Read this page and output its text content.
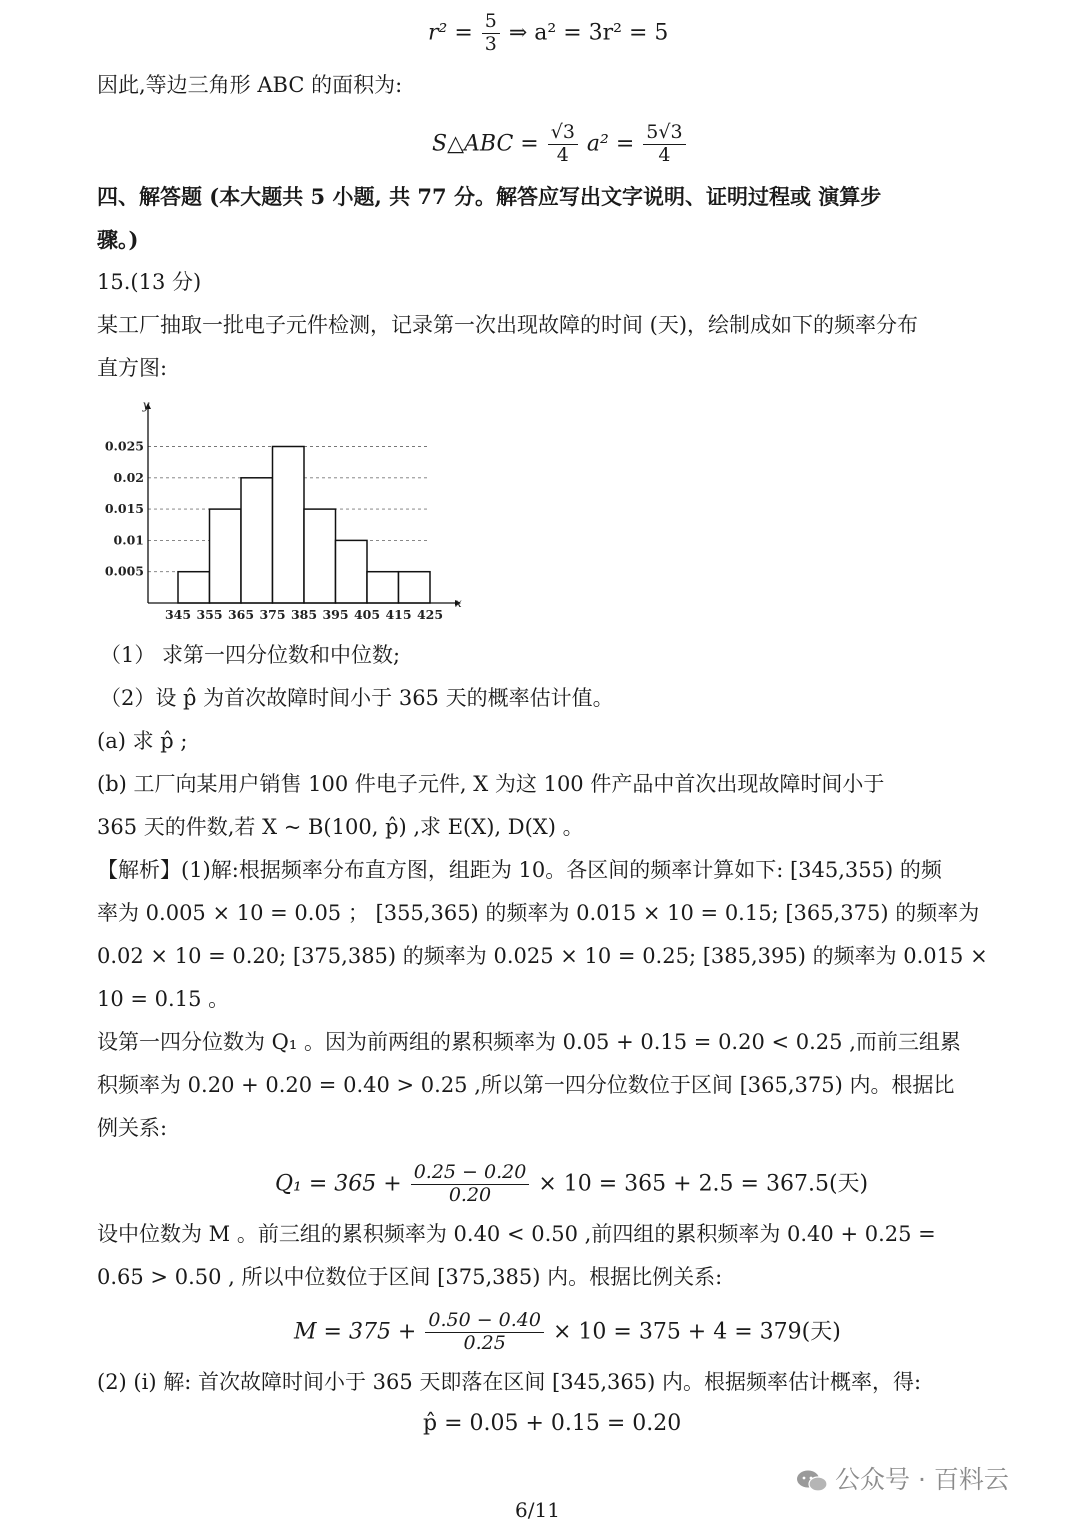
$r^2 = \frac{5}{3}$ ⇒ a² = 3r² = 5
因此,等边三角形 ABC 的面积为:
S△ABC = $\frac{√3}{4} a^2 = \frac{5√3}{4}$
四、解答题 (本大题共 5 小题, 共 77 分。解答应写出文字说明、证明过程或 演算步
骤。)
15.(13 分)
某工厂抽取一批电子元件检测，记录第一次出现故障的时间 (天)，绘制成如下的频率分布
直方图:
0.005
0.01
0.015
0.02
0.025
y
x
345 355 365 375 385 395 405 415 425
（1） 求第一四分位数和中位数;
（2）设 p̂ 为首次故障时间小于 365 天的概率估计值。
(a) 求 p̂ ;
(b) 工厂向某用户销售 100 件电子元件, X 为这 100 件产品中首次出现故障时间小于
365 天的件数,若 X ~ B(100, p̂) ,求 E(X), D(X) 。
【解析】(1)解:根据频率分布直方图，组距为 10。各区间的频率计算如下: [345,355) 的频
率为 0.005 × 10 = 0.05 ； [355,365) 的频率为 0.015 × 10 = 0.15; [365,375) 的频率为
0.02 × 10 = 0.20; [375,385) 的频率为 0.025 × 10 = 0.25; [385,395) 的频率为 0.015 ×
10 = 0.15 。
设第一四分位数为 Q₁ 。因为前两组的累积频率为 0.05 + 0.15 = 0.20 < 0.25 ,而前三组累
积频率为 0.20 + 0.20 = 0.40 > 0.25 ,所以第一四分位数位于区间 [365,375) 内。根据比
例关系:
$Q_1 = 365 + \frac{0.25 - 0.20}{0.20} \times 10 = 365 + 2.5 = 367.5$(天)
设中位数为 M 。前三组的累积频率为 0.40 < 0.50 ,前四组的累积频率为 0.40 + 0.25 =
0.65 > 0.50 , 所以中位数位于区间 [375,385) 内。根据比例关系:
$M = 375 + \frac{0.50 - 0.40}{0.25} \times 10 = 375 + 4 = 379$(天)
(2) (i) 解: 首次故障时间小于 365 天即落在区间 [345,365) 内。根据频率估计概率，得:
p̂ = 0.05 + 0.15 = 0.20
公众号 · 百料云
6/11
